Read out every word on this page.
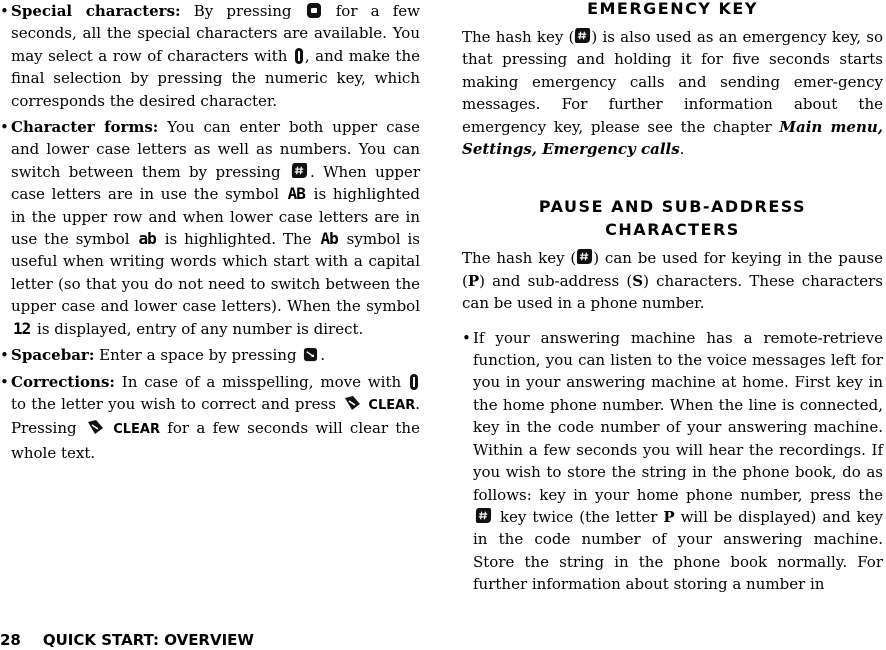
• Special characters: By pressing	for a few seconds, all the special characters are available. You may select a row of characters with , and make the final selection by pressing the numeric key, which corresponds the desired character.
• Character forms: You can enter both upper case and lower case letters as well as numbers. You can switch between them by pressing . When upper case letters are in use the symbol AB is highlighted in the upper row and when lower case letters are in use the symbol ab is highlighted. The Ab symbol is useful when writing words which start with a capital letter (so that you do not need to switch between the upper case and lower case letters). When the symbol 12 is displayed, entry of any number is direct.
• Spacebar: Enter a space by pressing .
• Corrections: In case of a misspelling, move with
to the letter you wish to correct and press	CLEAR. Pressing	CLEAR for a few seconds will clear the whole text.
EMERGENCY KEY
The hash key ( ) is also used as an emergency key, so that pressing and holding it for five seconds starts making emergency calls and sending emer-gency messages. For further information about the emergency key, please see the chapter Main menu, Settings, Emergency calls.
PAUSE AND SUB-ADDRESS
CHARACTERS
The hash key ( ) can be used for keying in the pause (P) and sub-address (S) characters. These characters can be used in a phone number.
• If your answering machine has a remote-retrieve function, you can listen to the voice messages left for you in your answering machine at home. First key in the home phone number. When the line is connected, key in the code number of your answering machine. Within a few seconds you will hear the recordings. If you wish to store the string in the phone book, do as follows: key in your home phone number, press the  key twice (the letter P will be displayed) and key in the code number of your answering machine. Store the string in the phone book normally. For further information about storing a number in
28 QUICK START: OVERVIEW
